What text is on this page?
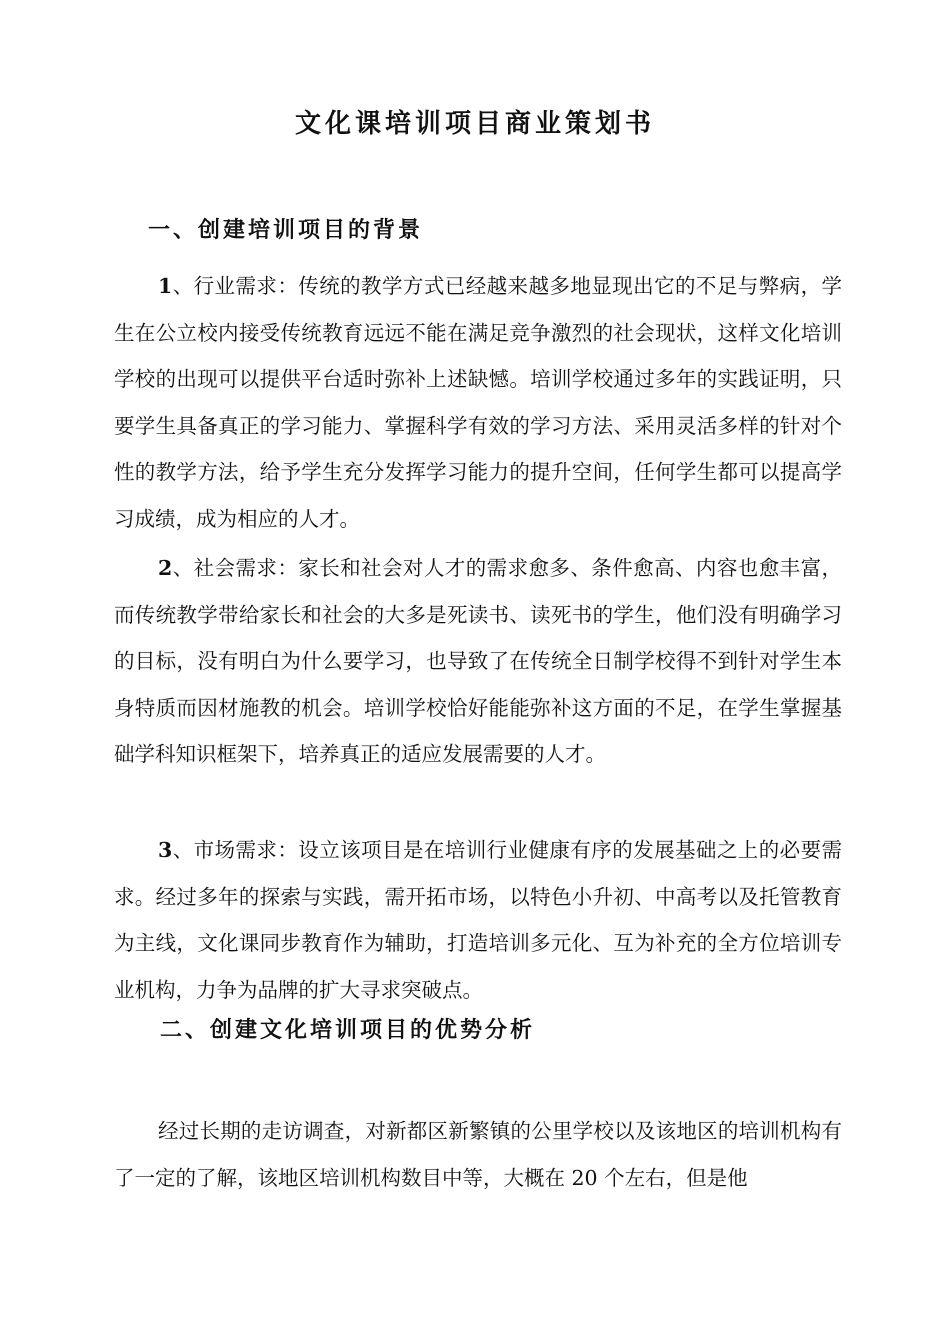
文化课培训项目商业策划书
一、创建培训项目的背景

1、行业需求：传统的教学方式已经越来越多地显现出它的不足与弊病，学生在公立校内接受传统教育远远不能在满足竞争激烈的社会现状，这样文化培训学校的出现可以提供平台适时弥补上述缺憾。培训学校通过多年的实践证明，只要学生具备真正的学习能力、掌握科学有效的学习方法、采用灵活多样的针对个性的教学方法，给予学生充分发挥学习能力的提升空间，任何学生都可以提高学习成绩，成为相应的人才。

2、社会需求：家长和社会对人才的需求愈多、条件愈高、内容也愈丰富，而传统教学带给家长和社会的大多是死读书、读死书的学生，他们没有明确学习的目标，没有明白为什么要学习，也导致了在传统全日制学校得不到针对学生本身特质而因材施教的机会。培训学校恰好能能弥补这方面的不足，在学生掌握基础学科知识框架下，培养真正的适应发展需要的人才。

3、市场需求：设立该项目是在培训行业健康有序的发展基础之上的必要需求。经过多年的探索与实践，需开拓市场，以特色小升初、中高考以及托管教育为主线，文化课同步教育作为辅助，打造培训多元化、互为补充的全方位培训专业机构，力争为品牌的扩大寻求突破点。

二、创建文化培训项目的优势分析

经过长期的走访调查，对新都区新繁镇的公里学校以及该地区的培训机构有了一定的了解，该地区培训机构数目中等，大概在 20 个左右，但是他
